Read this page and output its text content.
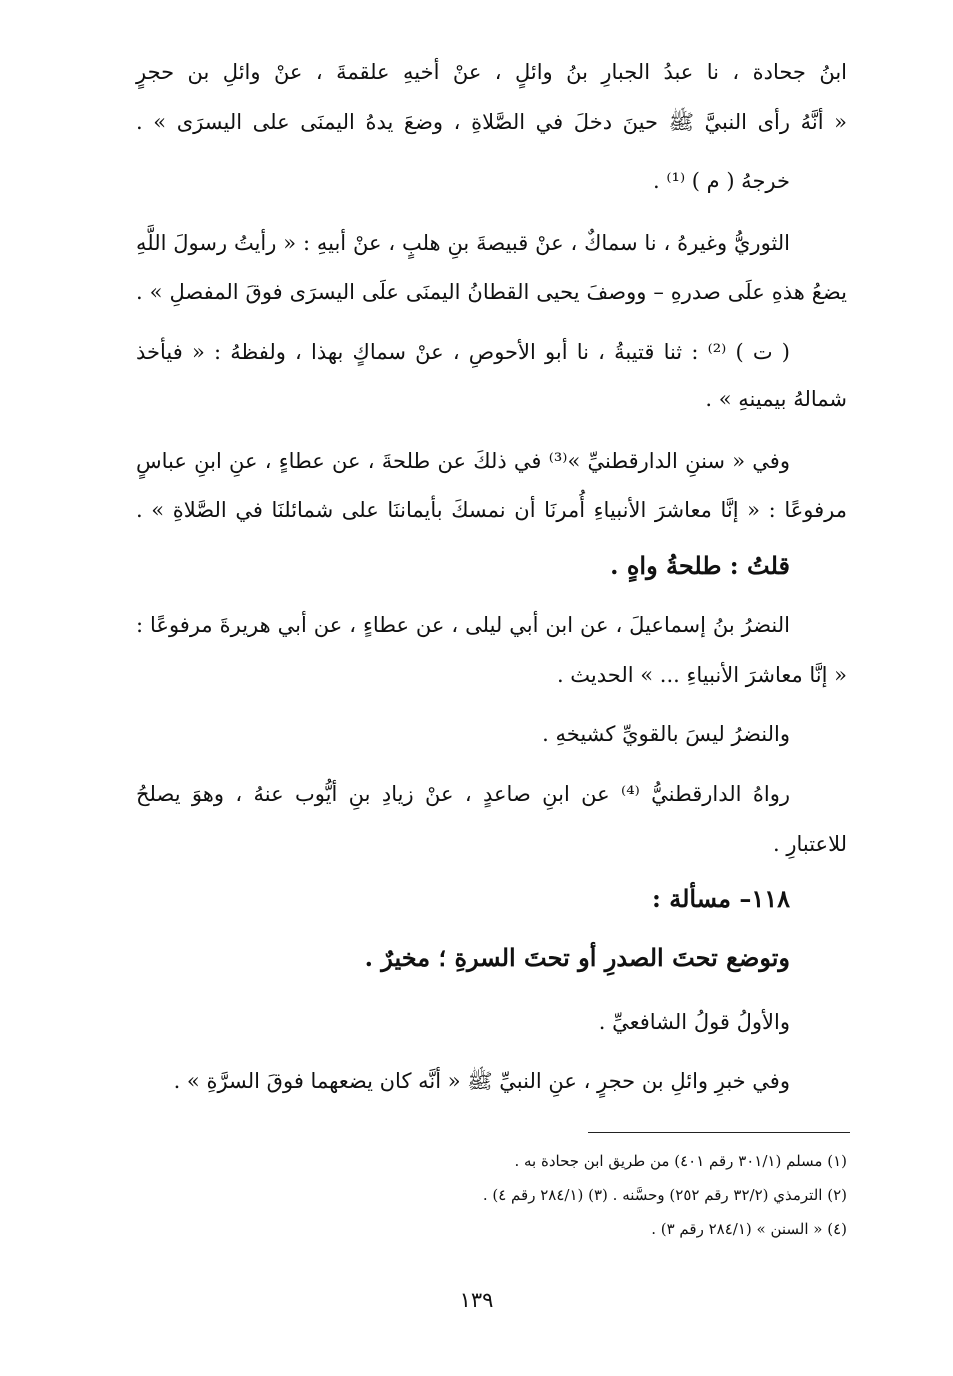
ابنُ جحادة ، نا عبدُ الجبارِ بنُ وائلٍ ، عنْ أخيهِ علقمةَ ، عنْ وائلِ بن حجرٍ
« أنَّهُ رأى النبيَّ ﷺ حينَ دخلَ في الصَّلاةِ ، وضعَ يدهُ اليمنَى على اليسرَى » .
خرجهُ ( م ) ⁽¹⁾ .
الثوريُّ وغيرهُ ، نا سماكٌ ، عنْ قبيصةَ بنِ هلبٍ ، عنْ أبيهِ : « رأيتُ رسولَ اللَّهِ
يضعُ هذهِ علَى صدرهِ – ووصفَ يحيى القطانُ اليمنَى علَى اليسرَى فوقَ المفصلِ » .
( ت ) ⁽²⁾ : ثنا قتيبةُ ، نا أبو الأحوصِ ، عنْ سماكٍ بهذا ، ولفظهُ : « فيأخذ
شمالهُ بيمينهِ » .
وفي « سننِ الدارقطنيِّ »⁽³⁾ في ذلكَ عن طلحةَ ، عن عطاءٍ ، عنِ ابنِ عباسٍ
مرفوعًا : « إنَّا معاشرَ الأنبياءِ أُمرنَا أن نمسكَ بأيماننَا على شمائلنَا في الصَّلاةِ » .
قلتُ : طلحةُ واهٍ .
النضرُ بنُ إسماعيلَ ، عن ابن أبي ليلى ، عن عطاءٍ ، عن أبي هريرةَ مرفوعًا :
« إنَّا معاشرَ الأنبياءِ ... » الحديث .
والنضرُ ليسَ بالقويِّ كشيخهِ .
رواهُ الدارقطنيُّ ⁽⁴⁾ عن ابنِ صاعدٍ ، عنْ زيادِ بنِ أيُّوب عنهُ ، وهوَ يصلحُ
للاعتبارِ .
١١٨– مسألة :
وتوضع تحتَ الصدرِ أو تحتَ السرةِ ؛ مخيرٌ .
والأولُ قولُ الشافعيِّ .
وفي خبرِ وائلِ بن حجرٍ ، عنِ النبيِّ ﷺ « أنَّه كان يضعهما فوقَ السرَّةِ » .
(١) مسلم (٣٠١/١ رقم ٤٠١) من طريق ابن جحادة به .
(٢) الترمذي (٣٢/٢ رقم ٢٥٢) وحسَّنه . (٣) (٢٨٤/١ رقم ٤) .
(٤) « السنن » (٢٨٤/١ رقم ٣) .
١٣٩
